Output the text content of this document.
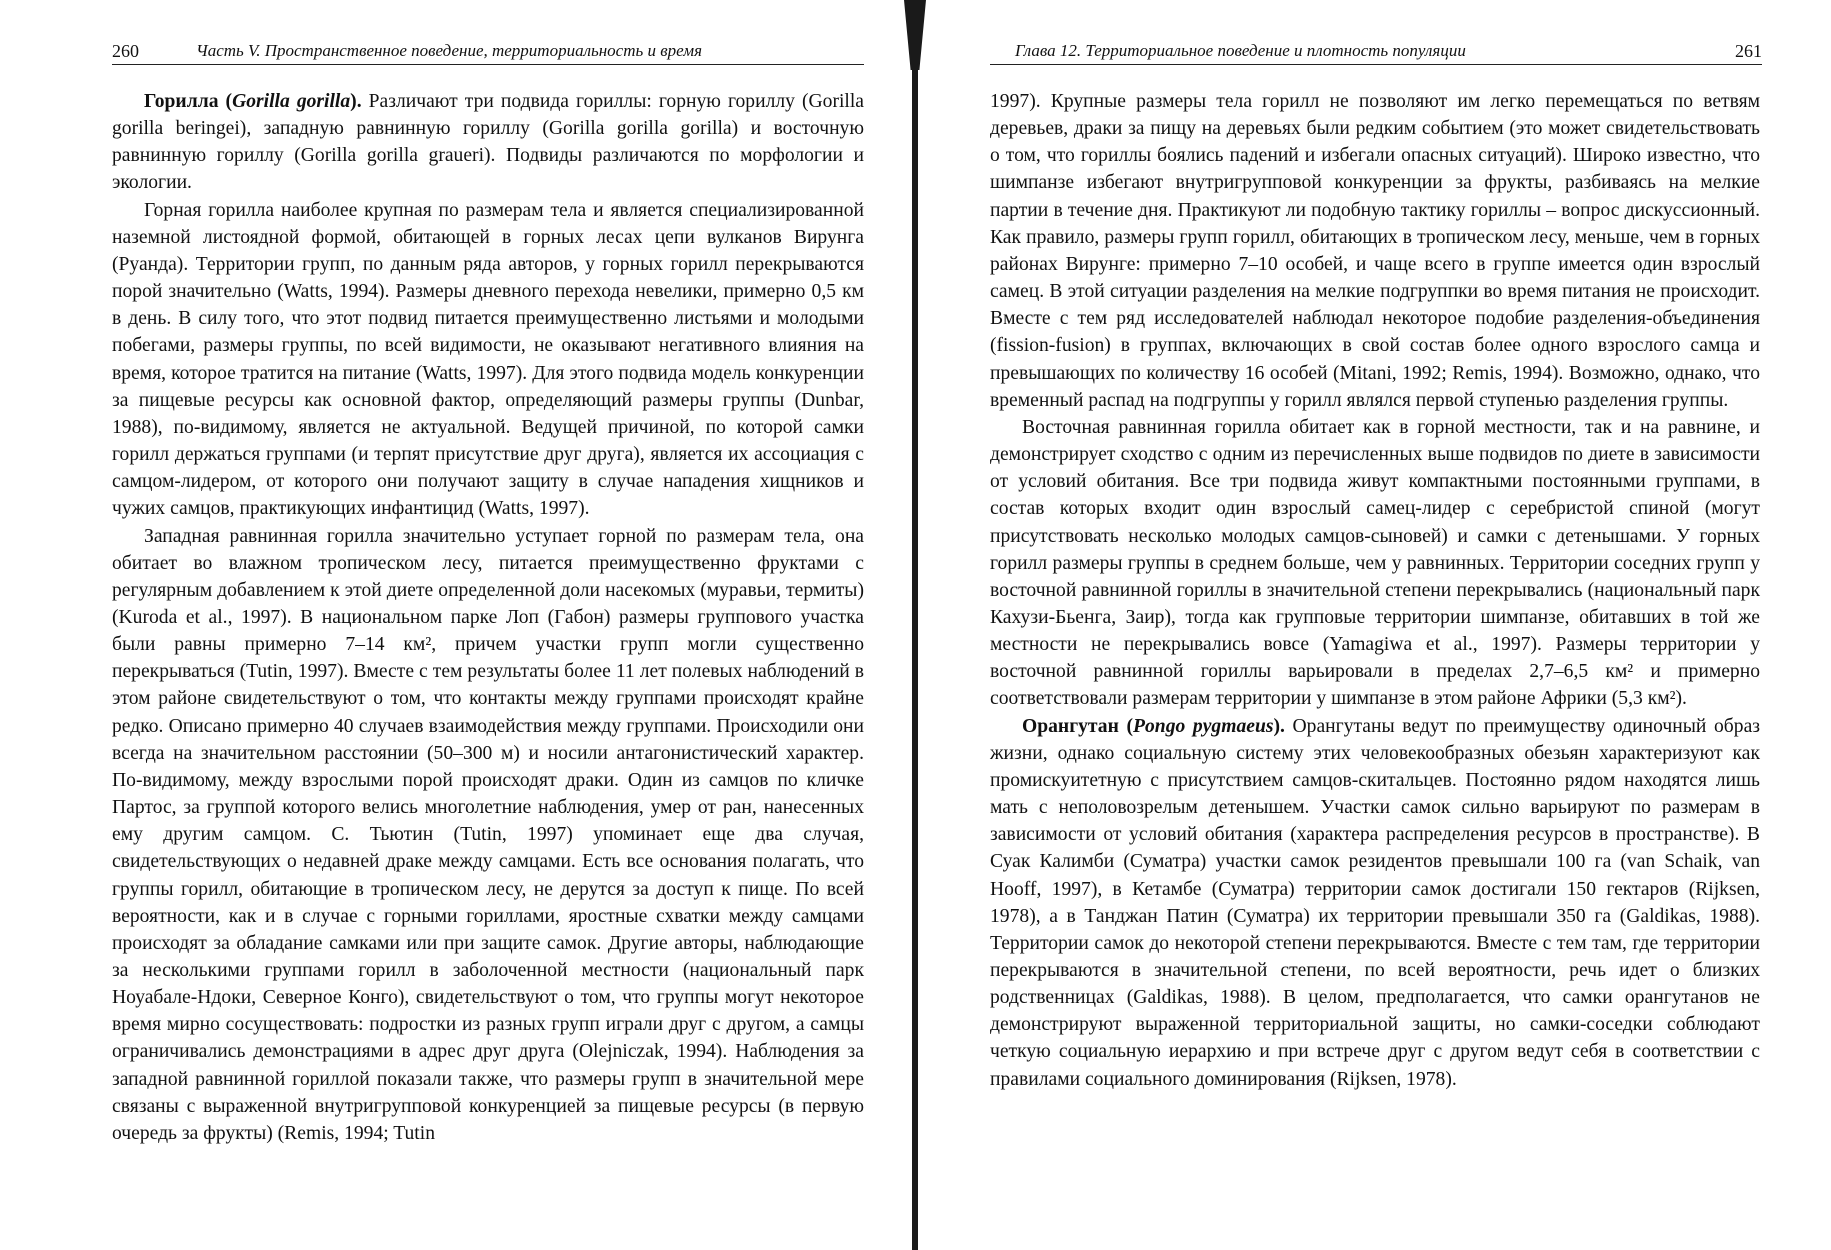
260	Часть V. Пространственное поведение, территориальность и время

Горилла (Gorilla gorilla). Различают три подвида гориллы: горную гориллу (Gorilla gorilla beringei), западную равнинную гориллу (Gorilla gorilla gorilla) и восточную равнинную гориллу (Gorilla gorilla graueri). Подвиды различаются по морфологии и экологии.

Горная горилла наиболее крупная по размерам тела и является специализированной наземной листоядной формой, обитающей в горных лесах цепи вулканов Вирунга (Руанда). Территории групп, по данным ряда авторов, у горных горилл перекрываются порой значительно (Watts, 1994). Размеры дневного перехода невелики, примерно 0,5 км в день. В силу того, что этот подвид питается преимущественно листьями и молодыми побегами, размеры группы, по всей видимости, не оказывают негативного влияния на время, которое тратится на питание (Watts, 1997). Для этого подвида модель конкуренции за пищевые ресурсы как основной фактор, определяющий размеры группы (Dunbar, 1988), по-видимому, является не актуальной. Ведущей причиной, по которой самки горилл держаться группами (и терпят присутствие друг друга), является их ассоциация с самцом-лидером, от которого они получают защиту в случае нападения хищников и чужих самцов, практикующих инфантицид (Watts, 1997).

Западная равнинная горилла значительно уступает горной по размерам тела, она обитает во влажном тропическом лесу, питается преимущественно фруктами с регулярным добавлением к этой диете определенной доли насекомых (муравьи, термиты) (Kuroda et al., 1997). В национальном парке Лоп (Габон) размеры группового участка были равны примерно 7–14 км², причем участки групп могли существенно перекрываться (Tutin, 1997). Вместе с тем результаты более 11 лет полевых наблюдений в этом районе свидетельствуют о том, что контакты между группами происходят крайне редко. Описано примерно 40 случаев взаимодействия между группами. Происходили они всегда на значительном расстоянии (50–300 м) и носили антагонистический характер. По-видимому, между взрослыми порой происходят драки. Один из самцов по кличке Партос, за группой которого велись многолетние наблюдения, умер от ран, нанесенных ему другим самцом. С. Тьютин (Tutin, 1997) упоминает еще два случая, свидетельствующих о недавней драке между самцами. Есть все основания полагать, что группы горилл, обитающие в тропическом лесу, не дерутся за доступ к пище. По всей вероятности, как и в случае с горными гориллами, яростные схватки между самцами происходят за обладание самками или при защите самок. Другие авторы, наблюдающие за несколькими группами горилл в заболоченной местности (национальный парк Ноуабале-Ндоки, Северное Конго), свидетельствуют о том, что группы могут некоторое время мирно сосуществовать: подростки из разных групп играли друг с другом, а самцы ограничивались демонстрациями в адрес друг друга (Olejniczak, 1994). Наблюдения за западной равнинной гориллой показали также, что размеры групп в значительной мере связаны с выраженной внутригрупповой конкуренцией за пищевые ресурсы (в первую очередь за фрукты) (Remis, 1994; Tutin

Глава 12. Территориальное поведение и плотность популяции	261

1997). Крупные размеры тела горилл не позволяют им легко перемещаться по ветвям деревьев, драки за пищу на деревьях были редким событием (это может свидетельствовать о том, что гориллы боялись падений и избегали опасных ситуаций). Широко известно, что шимпанзе избегают внутригрупповой конкуренции за фрукты, разбиваясь на мелкие партии в течение дня. Практикуют ли подобную тактику гориллы – вопрос дискуссионный. Как правило, размеры групп горилл, обитающих в тропическом лесу, меньше, чем в горных районах Вирунге: примерно 7–10 особей, и чаще всего в группе имеется один взрослый самец. В этой ситуации разделения на мелкие подгруппки во время питания не происходит. Вместе с тем ряд исследователей наблюдал некоторое подобие разделения-объединения (fission-fusion) в группах, включающих в свой состав более одного взрослого самца и превышающих по количеству 16 особей (Mitani, 1992; Remis, 1994). Возможно, однако, что временный распад на подгруппы у горилл являлся первой ступенью разделения группы.

Восточная равнинная горилла обитает как в горной местности, так и на равнине, и демонстрирует сходство с одним из перечисленных выше подвидов по диете в зависимости от условий обитания. Все три подвида живут компактными постоянными группами, в состав которых входит один взрослый самец-лидер с серебристой спиной (могут присутствовать несколько молодых самцов-сыновей) и самки с детенышами. У горных горилл размеры группы в среднем больше, чем у равнинных. Территории соседних групп у восточной равнинной гориллы в значительной степени перекрывались (национальный парк Кахузи-Бьенга, Заир), тогда как групповые территории шимпанзе, обитавших в той же местности не перекрывались вовсе (Yamagiwa et al., 1997). Размеры территории у восточной равнинной гориллы варьировали в пределах 2,7–6,5 км² и примерно соответствовали размерам территории у шимпанзе в этом районе Африки (5,3 км²).

Орангутан (Pongo pygmaeus). Орангутаны ведут по преимуществу одиночный образ жизни, однако социальную систему этих человекообразных обезьян характеризуют как промискуитетную с присутствием самцов-скитальцев. Постоянно рядом находятся лишь мать с неполовозрелым детенышем. Участки самок сильно варьируют по размерам в зависимости от условий обитания (характера распределения ресурсов в пространстве). В Суак Калимби (Суматра) участки самок резидентов превышали 100 га (van Schaik, van Hooff, 1997), в Кетамбе (Суматра) территории самок достигали 150 гектаров (Rijksen, 1978), а в Танджан Патин (Суматра) их территории превышали 350 га (Galdikas, 1988). Территории самок до некоторой степени перекрываются. Вместе с тем там, где территории перекрываются в значительной степени, по всей вероятности, речь идет о близких родственницах (Galdikas, 1988). В целом, предполагается, что самки орангутанов не демонстрируют выраженной территориальной защиты, но самки-соседки соблюдают четкую социальную иерархию и при встрече друг с другом ведут себя в соответствии с правилами социального доминирования (Rijksen, 1978).
